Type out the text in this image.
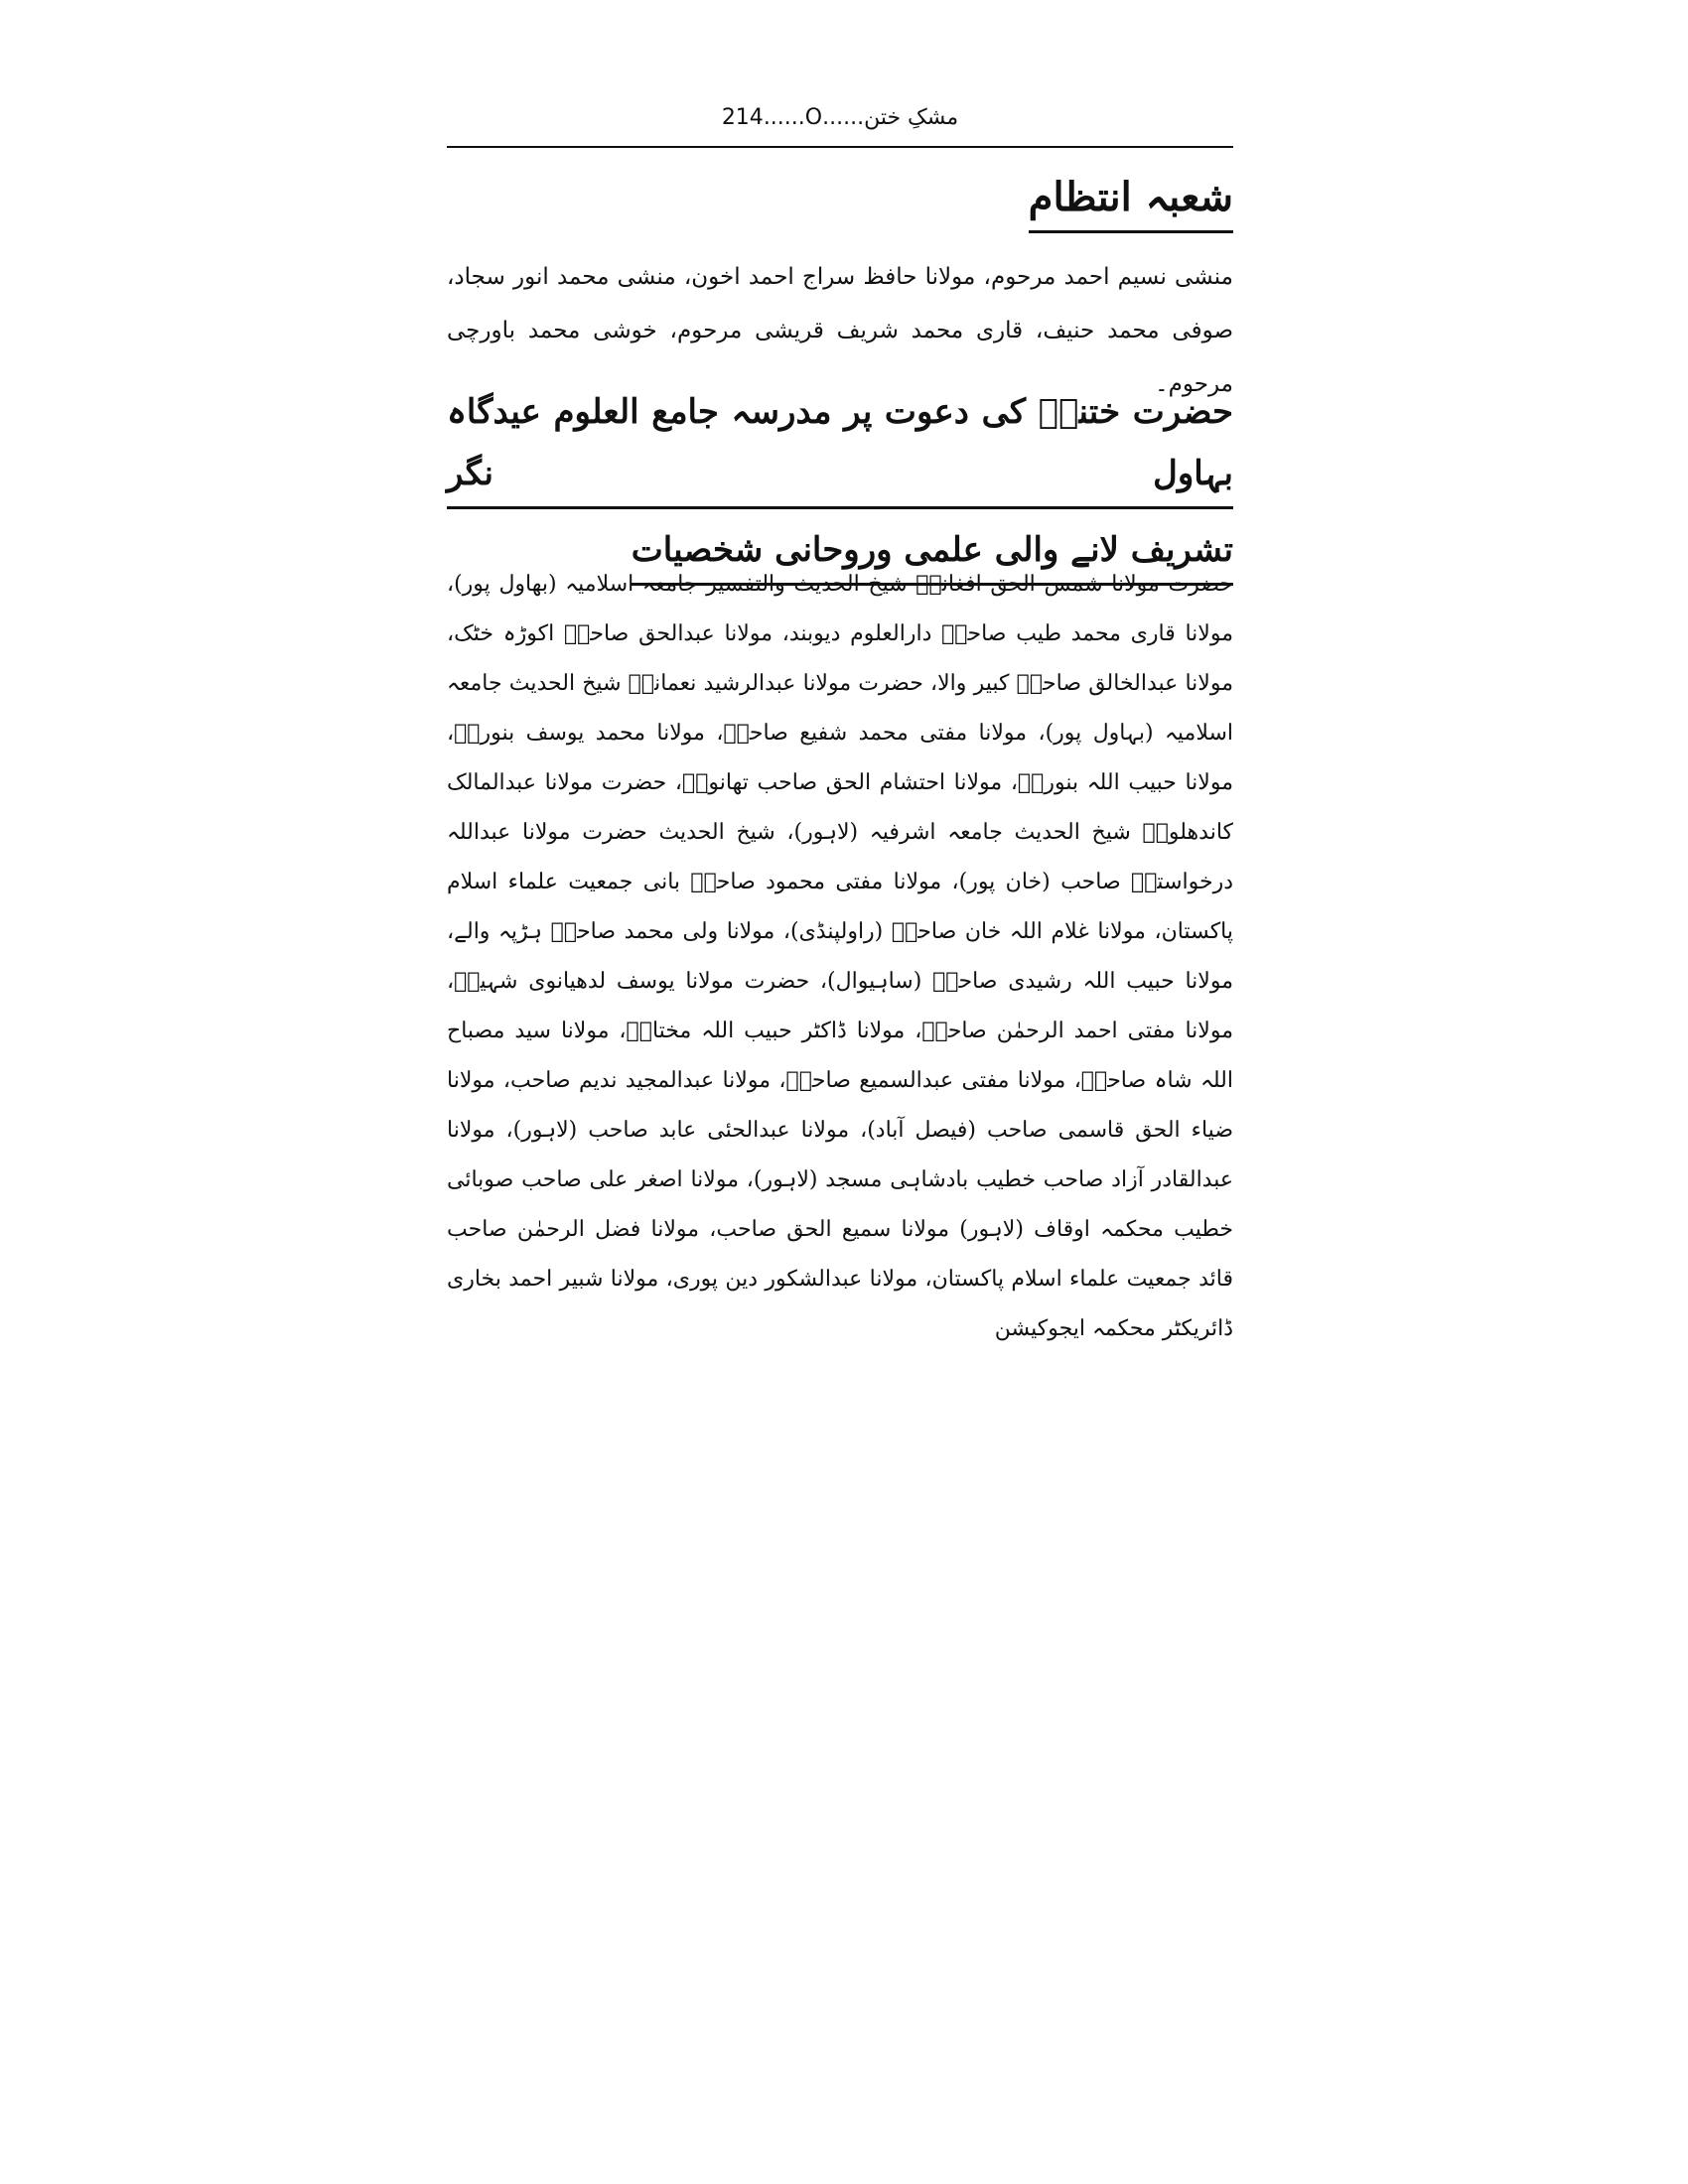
214 ...... O ...... مشکِ ختن
شعبہ انتظام
منشی نسیم احمد مرحوم، مولانا حافظ سراج احمد اخون، منشی محمد انور سجاد، صوفی محمد حنیف، قاری محمد شریف قریشی مرحوم، خوشی محمد باورچی مرحوم۔
حضرت ختنیؒ کی دعوت پر مدرسہ جامع العلوم عیدگاہ بہاول نگر
تشریف لانے والی علمی وروحانی شخصیات
حضرت مولانا شمس الحق افغانیؒ شیخ الحدیث والتفسیر جامعہ اسلامیہ (بھاول پور)، مولانا قاری محمد طیب صاحبؒ دارالعلوم دیوبند، مولانا عبدالحق صاحبؒ اکوڑہ خٹک، مولانا عبدالخالق صاحبؒ کبیر والا، حضرت مولانا عبدالرشید نعمانیؒ شیخ الحدیث جامعہ اسلامیہ (بہاول پور)، مولانا مفتی محمد شفیع صاحبؒ، مولانا محمد یوسف بنوریؒ، مولانا حبیب اللہ بنوریؒ، مولانا احتشام الحق صاحب تھانویؒ، حضرت مولانا عبدالمالک کاندھلویؒ شیخ الحدیث جامعہ اشرفیہ (لاہور)، شیخ الحدیث حضرت مولانا عبداللہ درخواستیؒ صاحب (خان پور)، مولانا مفتی محمود صاحبؒ بانی جمعیت علماء اسلام پاکستان، مولانا غلام اللہ خان صاحبؒ (راولپنڈی)، مولانا ولی محمد صاحبؒ ہڑپہ والے، مولانا حبیب اللہ رشیدی صاحبؒ (ساہیوال)، حضرت مولانا یوسف لدھیانوی شہیدؒ، مولانا مفتی احمد الرحمٰن صاحبؒ، مولانا ڈاکٹر حبیب اللہ مختارؒ، مولانا سید مصباح اللہ شاہ صاحبؒ، مولانا مفتی عبدالسمیع صاحبؒ، مولانا عبدالمجید ندیم صاحب، مولانا ضیاء الحق قاسمی صاحب (فیصل آباد)، مولانا عبدالحئی عابد صاحب (لاہور)، مولانا عبدالقادر آزاد صاحب خطیب بادشاہی مسجد (لاہور)، مولانا اصغر علی صاحب صوبائی خطیب محکمہ اوقاف (لاہور) مولانا سمیع الحق صاحب، مولانا فضل الرحمٰن صاحب قائد جمعیت علماء اسلام پاکستان، مولانا عبدالشکور دین پوری، مولانا شبیر احمد بخاری ڈائریکٹر محکمہ ایجوکیشن
